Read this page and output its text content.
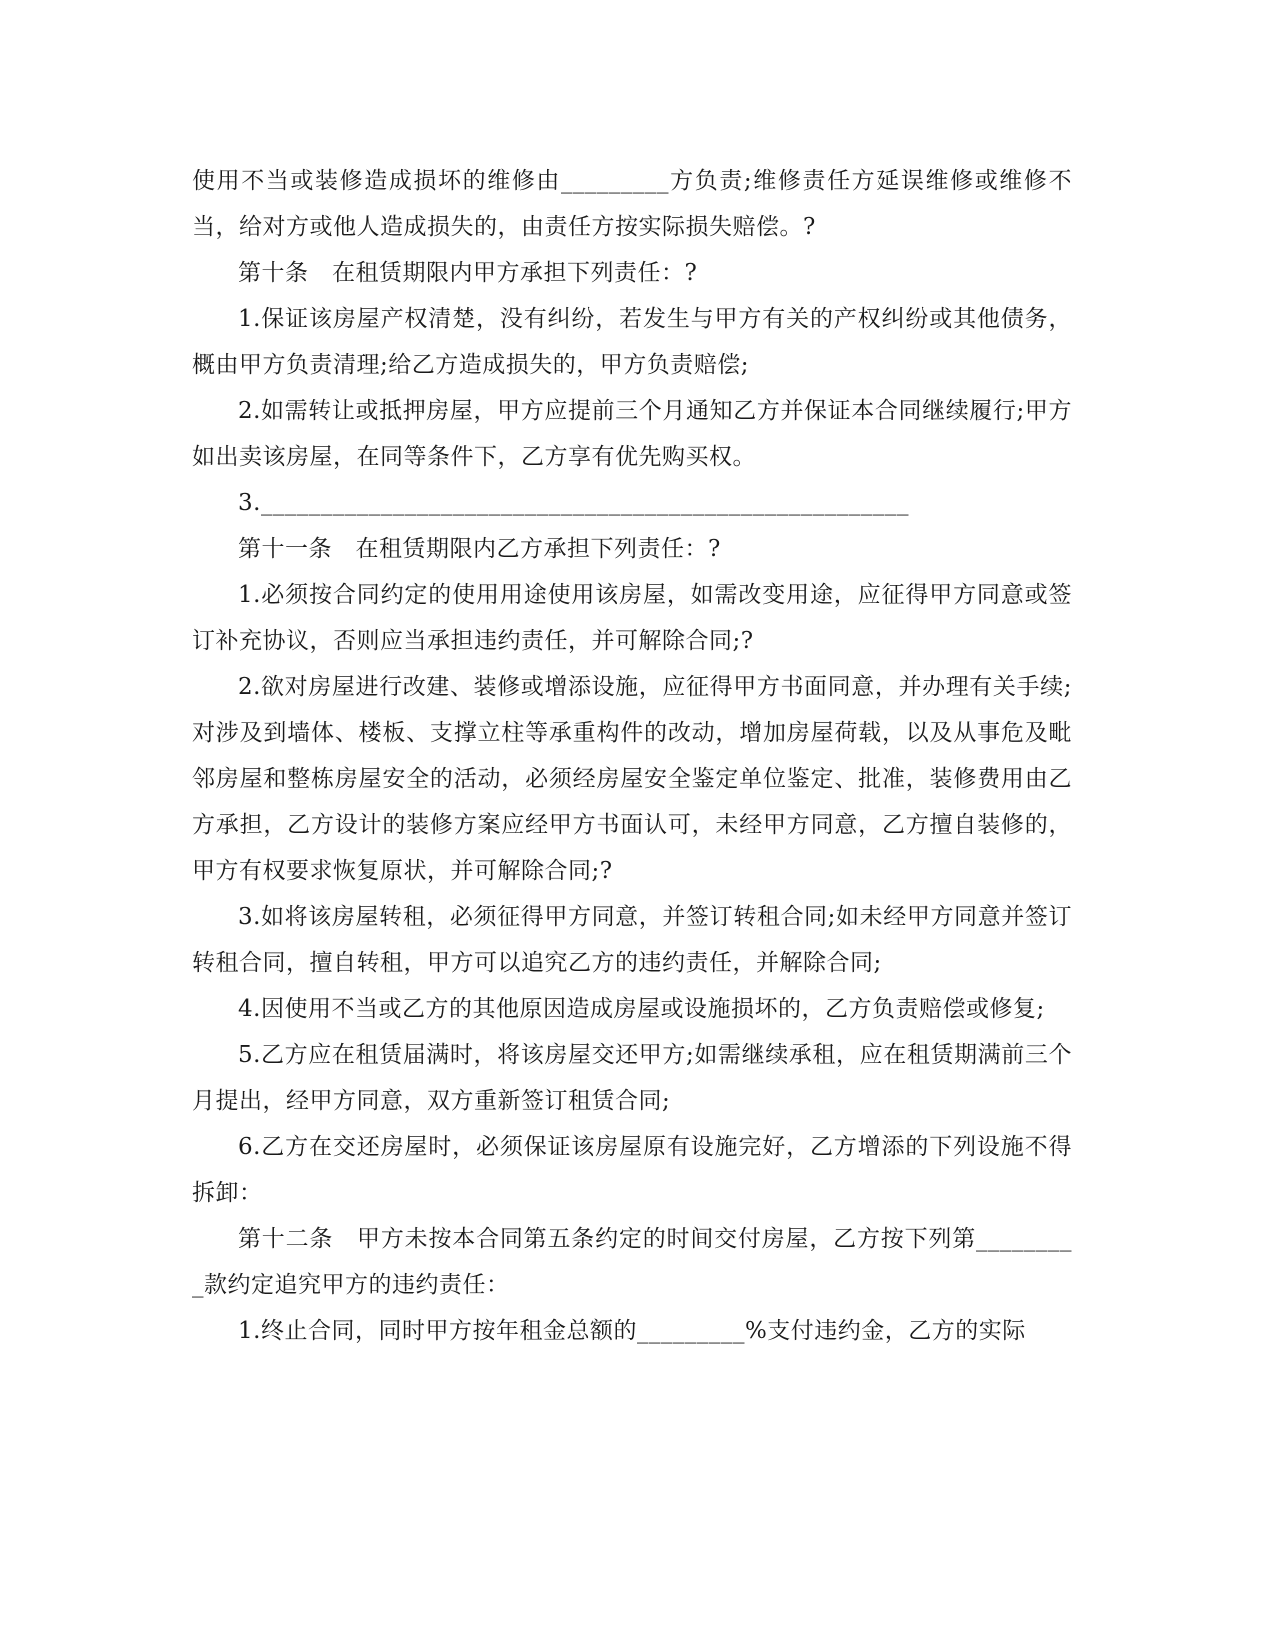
使用不当或装修造成损坏的维修由_________方负责;维修责任方延误维修或维修不当，给对方或他人造成损失的，由责任方按实际损失赔偿。?

第十条　在租赁期限内甲方承担下列责任：?

1.保证该房屋产权清楚，没有纠纷，若发生与甲方有关的产权纠纷或其他债务，概由甲方负责清理;给乙方造成损失的，甲方负责赔偿;

2.如需转让或抵押房屋，甲方应提前三个月通知乙方并保证本合同继续履行;甲方如出卖该房屋，在同等条件下，乙方享有优先购买权。

3.______________________________________________________

第十一条　在租赁期限内乙方承担下列责任：?

1.必须按合同约定的使用用途使用该房屋，如需改变用途，应征得甲方同意或签订补充协议，否则应当承担违约责任，并可解除合同;?

2.欲对房屋进行改建、装修或增添设施，应征得甲方书面同意，并办理有关手续;对涉及到墙体、楼板、支撑立柱等承重构件的改动，增加房屋荷载，以及从事危及毗邻房屋和整栋房屋安全的活动，必须经房屋安全鉴定单位鉴定、批准，装修费用由乙方承担，乙方设计的装修方案应经甲方书面认可，未经甲方同意，乙方擅自装修的，甲方有权要求恢复原状，并可解除合同;?

3.如将该房屋转租，必须征得甲方同意，并签订转租合同;如未经甲方同意并签订转租合同，擅自转租，甲方可以追究乙方的违约责任，并解除合同;

4.因使用不当或乙方的其他原因造成房屋或设施损坏的，乙方负责赔偿或修复;

5.乙方应在租赁届满时，将该房屋交还甲方;如需继续承租，应在租赁期满前三个月提出，经甲方同意，双方重新签订租赁合同;

6.乙方在交还房屋时，必须保证该房屋原有设施完好，乙方增添的下列设施不得拆卸：

第十二条　甲方未按本合同第五条约定的时间交付房屋，乙方按下列第_________款约定追究甲方的违约责任：

1.终止合同，同时甲方按年租金总额的_________%支付违约金，乙方的实际
